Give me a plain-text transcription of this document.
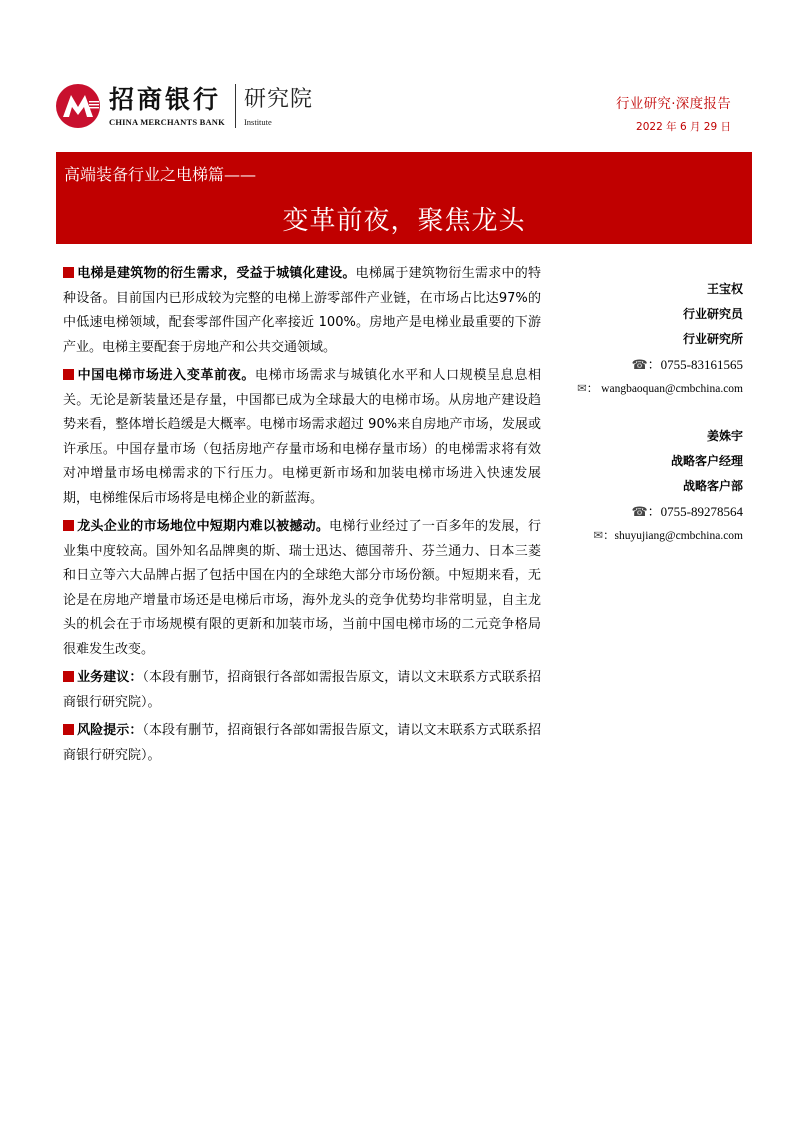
招商银行
CHINA MERCHANTS BANK
研究院
Institute
行业研究·深度报告
2022 年 6 月 29 日
高端装备行业之电梯篇——
变革前夜，聚焦龙头

电梯是建筑物的衍生需求，受益于城镇化建设。电梯属于建筑物衍生需求中的特种设备。目前国内已形成较为完整的电梯上游零部件产业链，在市场占比达97%的中低速电梯领域，配套零部件国产化率接近 100%。房地产是电梯业最重要的下游产业。电梯主要配套于房地产和公共交通领域。

中国电梯市场进入变革前夜。电梯市场需求与城镇化水平和人口规模呈息息相关。无论是新装量还是存量，中国都已成为全球最大的电梯市场。从房地产建设趋势来看，整体增长趋缓是大概率。电梯市场需求超过 90%来自房地产市场，发展或许承压。中国存量市场（包括房地产存量市场和电梯存量市场）的电梯需求将有效对冲增量市场电梯需求的下行压力。电梯更新市场和加装电梯市场进入快速发展期，电梯维保后市场将是电梯企业的新蓝海。

龙头企业的市场地位中短期内难以被撼动。电梯行业经过了一百多年的发展，行业集中度较高。国外知名品牌奥的斯、瑞士迅达、德国蒂升、芬兰通力、日本三菱和日立等六大品牌占据了包括中国在内的全球绝大部分市场份额。中短期来看，无论是在房地产增量市场还是电梯后市场，海外龙头的竞争优势均非常明显，自主龙头的机会在于市场规模有限的更新和加装市场，当前中国电梯市场的二元竞争格局很难发生改变。

业务建议：（本段有删节，招商银行各部如需报告原文，请以文末联系方式联系招商银行研究院）。

风险提示：（本段有删节，招商银行各部如需报告原文，请以文末联系方式联系招商银行研究院）。

王宝权
行业研究员
行业研究所
☎：0755-83161565
✉： wangbaoquan@cmbchina.com
姜姝宇
战略客户经理
战略客户部
☎：0755-89278564
✉：shuyujiang@cmbchina.com
